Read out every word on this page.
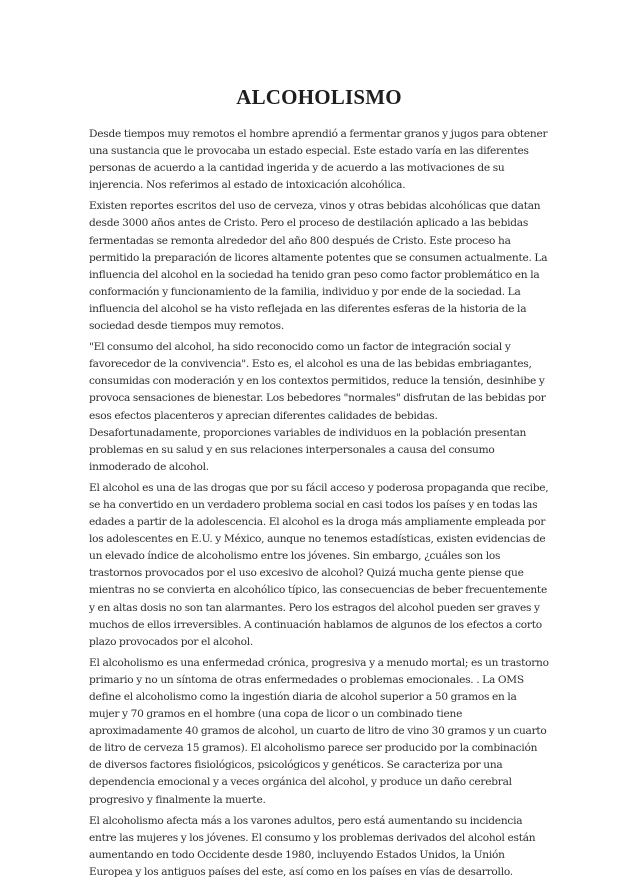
ALCOHOLISMO

Desde tiempos muy remotos el hombre aprendió a fermentar granos y jugos para obtener una sustancia que le provocaba un estado especial. Este estado varía en las diferentes personas de acuerdo a la cantidad ingerida y de acuerdo a las motivaciones de su injerencia. Nos referimos al estado de intoxicación alcohólica.

Existen reportes escritos del uso de cerveza, vinos y otras bebidas alcohólicas que datan desde 3000 años antes de Cristo. Pero el proceso de destilación aplicado a las bebidas fermentadas se remonta alrededor del año 800 después de Cristo. Este proceso ha permitido la preparación de licores altamente potentes que se consumen actualmente. La influencia del alcohol en la sociedad ha tenido gran peso como factor problemático en la conformación y funcionamiento de la familia, individuo y por ende de la sociedad. La influencia del alcohol se ha visto reflejada en las diferentes esferas de la historia de la sociedad desde tiempos muy remotos.

"El consumo del alcohol, ha sido reconocido como un factor de integración social y favorecedor de la convivencia". Esto es, el alcohol es una de las bebidas embriagantes, consumidas con moderación y en los contextos permitidos, reduce la tensión, desinhibe y provoca sensaciones de bienestar. Los bebedores "normales" disfrutan de las bebidas por esos efectos placenteros y aprecian diferentes calidades de bebidas. Desafortunadamente, proporciones variables de individuos en la población presentan problemas en su salud y en sus relaciones interpersonales a causa del consumo inmoderado de alcohol.

El alcohol es una de las drogas que por su fácil acceso y poderosa propaganda que recibe, se ha convertido en un verdadero problema social en casi todos los países y en todas las edades a partir de la adolescencia. El alcohol es la droga más ampliamente empleada por los adolescentes en E.U. y México, aunque no tenemos estadísticas, existen evidencias de un elevado índice de alcoholismo entre los jóvenes. Sin embargo, ¿cuáles son los trastornos provocados por el uso excesivo de alcohol? Quizá mucha gente piense que mientras no se convierta en alcohólico típico, las consecuencias de beber frecuentemente y en altas dosis no son tan alarmantes. Pero los estragos del alcohol pueden ser graves y muchos de ellos irreversibles. A continuación hablamos de algunos de los efectos a corto plazo provocados por el alcohol.

El alcoholismo es una enfermedad crónica, progresiva y a menudo mortal; es un trastorno primario y no un síntoma de otras enfermedades o problemas emocionales. . La OMS define el alcoholismo como la ingestión diaria de alcohol superior a 50 gramos en la mujer y 70 gramos en el hombre (una copa de licor o un combinado tiene aproximadamente 40 gramos de alcohol, un cuarto de litro de vino 30 gramos y un cuarto de litro de cerveza 15 gramos). El alcoholismo parece ser producido por la combinación de diversos factores fisiológicos, psicológicos y genéticos. Se caracteriza por una dependencia emocional y a veces orgánica del alcohol, y produce un daño cerebral progresivo y finalmente la muerte.

El alcoholismo afecta más a los varones adultos, pero está aumentando su incidencia entre las mujeres y los jóvenes. El consumo y los problemas derivados del alcohol están aumentando en todo Occidente desde 1980, incluyendo Estados Unidos, la Unión Europea y los antiguos países del este, así como en los países en vías de desarrollo.
